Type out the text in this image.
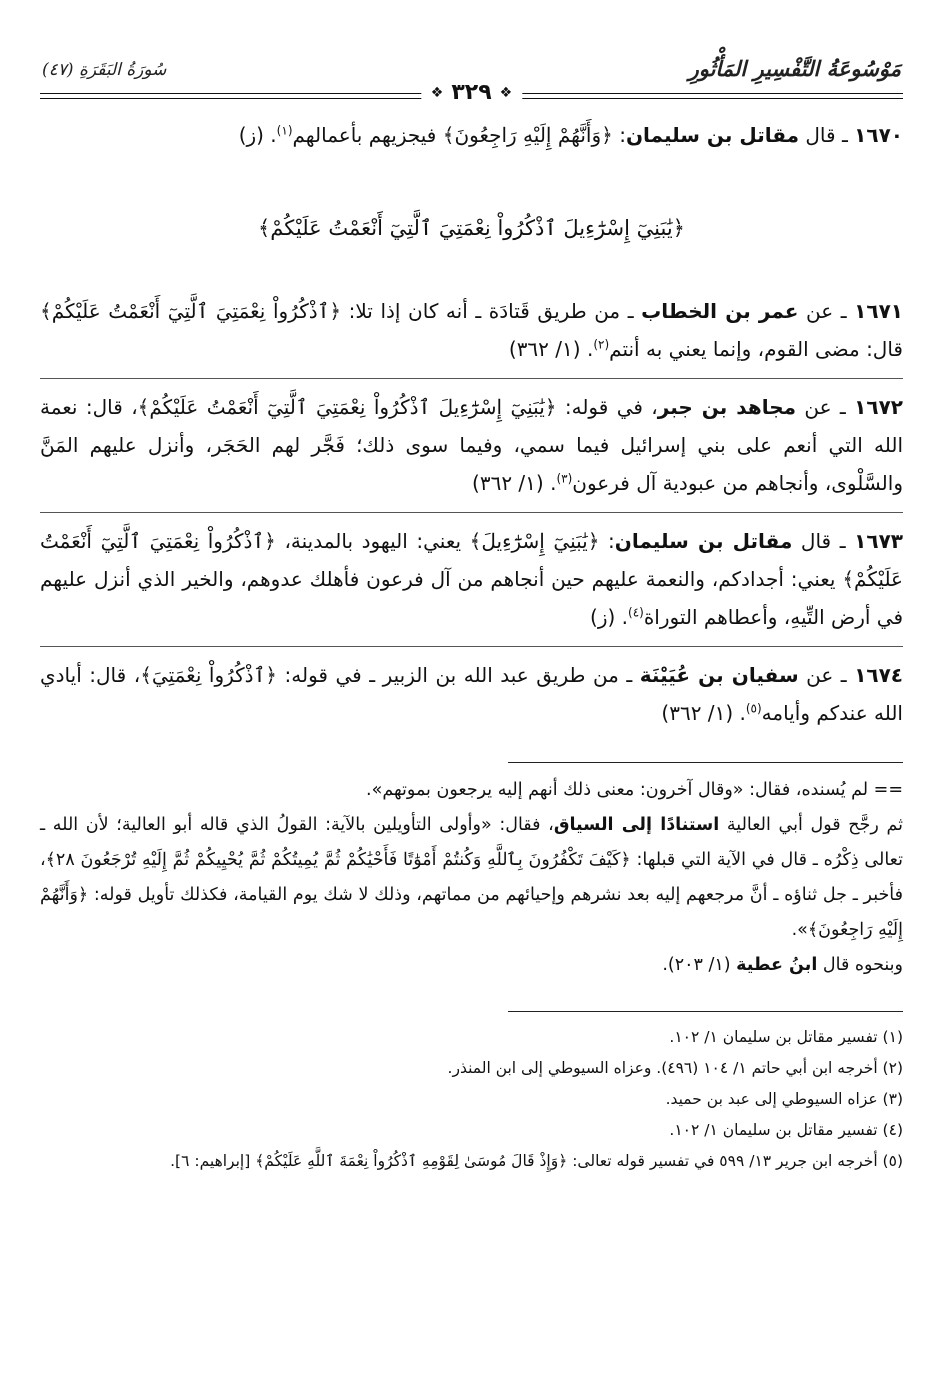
مَوْسُوعَةُ التَّفْسِيرِ المَأْثُورِ
❖
٣٢٩
❖
سُورَةُ البَقَرَةِ (٤٧)

١٦٧٠ ـ قال مقاتل بن سليمان: ﴿وَأَنَّهُمْ إِلَيْهِ رَاجِعُونَ﴾ فيجزيهم بأعمالهم$^{(١)}$. (ز)

﴿يَٰبَنِيٓ إِسْرَٰٓءِيلَ ٱذْكُرُواْ نِعْمَتِيَ ٱلَّتِيٓ أَنْعَمْتُ عَلَيْكُمْ﴾

١٦٧١ ـ عن عمر بن الخطاب ـ من طريق قَتادَة ـ أنه كان إذا تلا: ﴿ٱذْكُرُواْ نِعْمَتِيَ ٱلَّتِيٓ أَنْعَمْتُ عَلَيْكُمْ﴾ قال: مضى القوم، وإنما يعني به أنتم$^{(٢)}$. (١/ ٣٦٢)

١٦٧٢ ـ عن مجاهد بن جبر، في قوله: ﴿يَٰبَنِيٓ إِسْرَٰٓءِيلَ ٱذْكُرُواْ نِعْمَتِيَ ٱلَّتِيٓ أَنْعَمْتُ عَلَيْكُمْ﴾، قال: نعمة الله التي أنعم على بني إسرائيل فيما سمي، وفيما سوى ذلك؛ فَجَّر لهم الحَجَر، وأنزل عليهم المَنَّ والسَّلْوى، وأنجاهم من عبودية آل فرعون$^{(٣)}$. (١/ ٣٦٢)

١٦٧٣ ـ قال مقاتل بن سليمان: ﴿يَٰبَنِيٓ إِسْرَٰٓءِيلَ﴾ يعني: اليهود بالمدينة، ﴿ٱذْكُرُواْ نِعْمَتِيَ ٱلَّتِيٓ أَنْعَمْتُ عَلَيْكُمْ﴾ يعني: أجدادكم، والنعمة عليهم حين أنجاهم من آل فرعون فأهلك عدوهم، والخير الذي أنزل عليهم في أرض التِّيهِ، وأعطاهم التوراة$^{(٤)}$. (ز)

١٦٧٤ ـ عن سفيان بن عُيَيْنَة ـ من طريق عبد الله بن الزبير ـ في قوله: ﴿ٱذْكُرُواْ نِعْمَتِيَ﴾، قال: أيادي الله عندكم وأيامه$^{(٥)}$. (١/ ٣٦٢)

== لم يُسنده، فقال: «وقال آخرون: معنى ذلك أنهم إليه يرجعون بموتهم».

ثم رجَّح قول أبي العالية استنادًا إلى السياق، فقال: «وأولى التأويلين بالآية: القولُ الذي قاله أبو العالية؛ لأن الله ـ تعالى ذِكْرُه ـ قال في الآية التي قبلها: ﴿كَيْفَ تَكْفُرُونَ بِٱللَّهِ وَكُنتُمْ أَمْوَٰتًا فَأَحْيَٰكُمْ ثُمَّ يُمِيتُكُمْ ثُمَّ يُحْيِيكُمْ ثُمَّ إِلَيْهِ تُرْجَعُونَ ٢٨﴾، فأخبر ـ جل ثناؤه ـ أنَّ مرجعهم إليه بعد نشرهم وإحيائهم من مماتهم، وذلك لا شك يوم القيامة، فكذلك تأويل قوله: ﴿وَأَنَّهُمْ إِلَيْهِ رَاجِعُونَ﴾».

وبنحوه قال ابنُ عطية (١/ ٢٠٣).

(١) تفسير مقاتل بن سليمان ١/ ١٠٢.

(٢) أخرجه ابن أبي حاتم ١/ ١٠٤ (٤٩٦). وعزاه السيوطي إلى ابن المنذر.

(٣) عزاه السيوطي إلى عبد بن حميد.

(٤) تفسير مقاتل بن سليمان ١/ ١٠٢.

(٥) أخرجه ابن جرير ١٣/ ٥٩٩ في تفسير قوله تعالى: ﴿وَإِذْ قَالَ مُوسَىٰ لِقَوْمِهِ ٱذْكُرُواْ نِعْمَةَ ٱللَّهِ عَلَيْكُمْ﴾ [إبراهيم: ٦].
